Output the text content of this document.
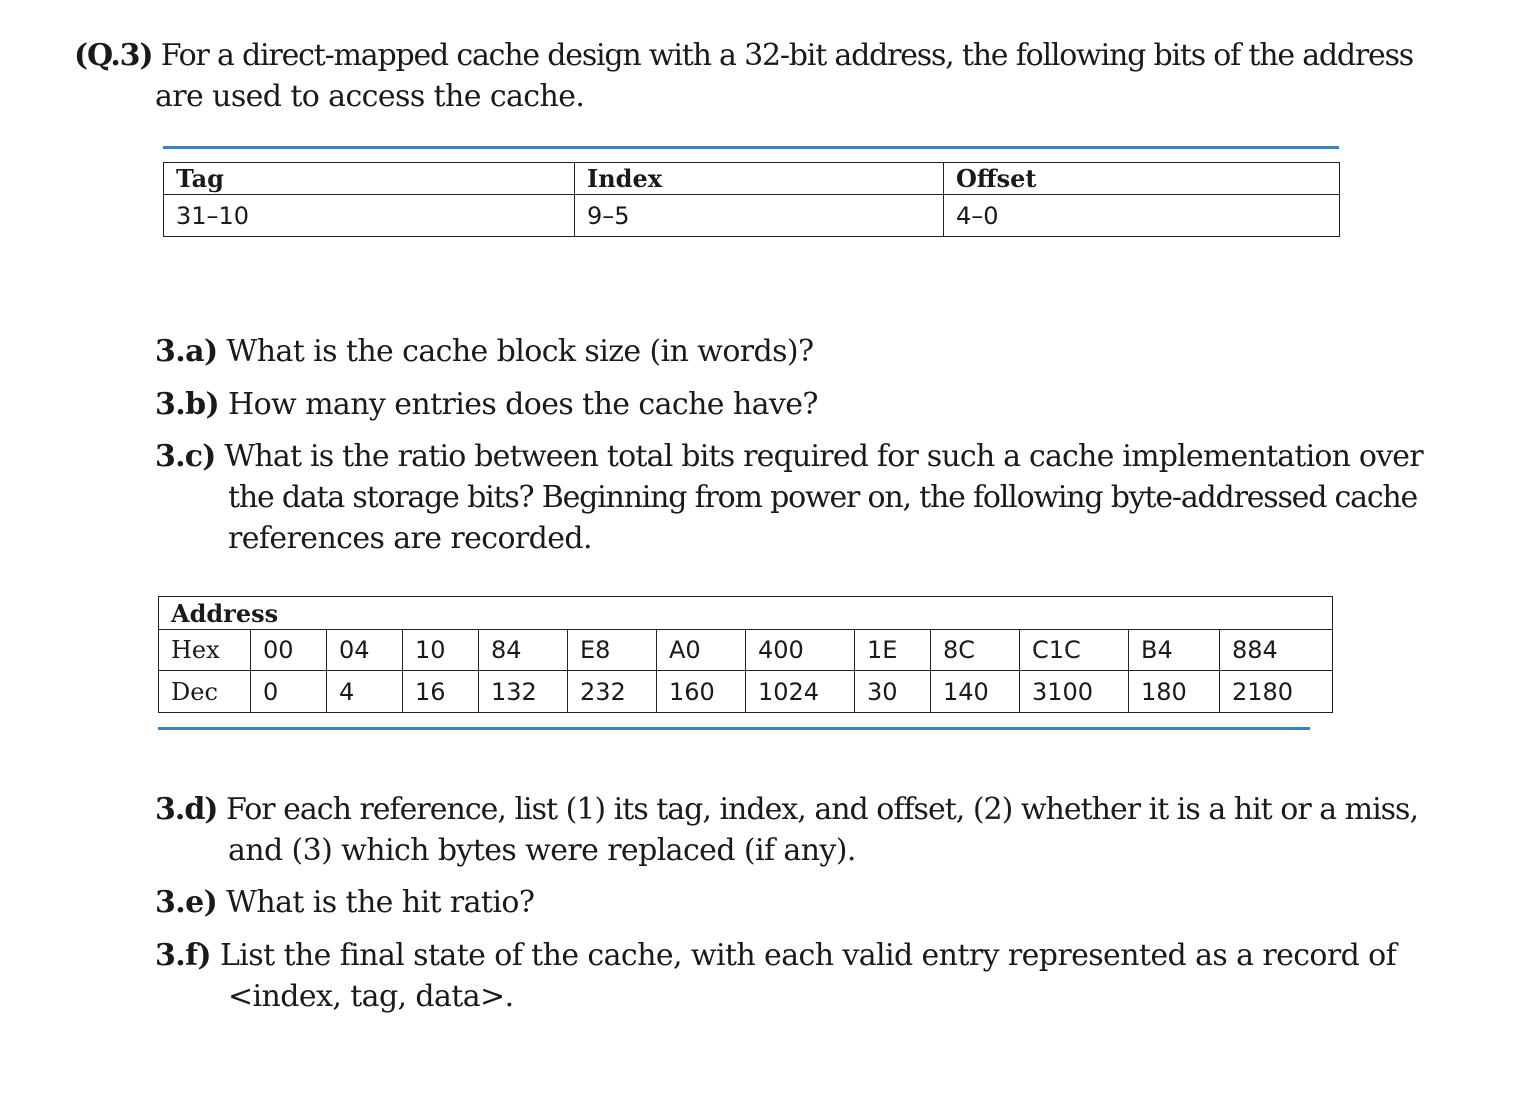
(Q.3) For a direct-mapped cache design with a 32-bit address, the following bits of the address
are used to access the cache.
Tag	Index	Offset
31–10	9–5	4–0
3.a) What is the cache block size (in words)?
3.b) How many entries does the cache have?
3.c) What is the ratio between total bits required for such a cache implementation over
the data storage bits? Beginning from power on, the following byte-addressed cache
references are recorded.
Address												
Hex	00	04	10	84	E8	A0	400	1E	8C	C1C	B4	884
Dec	0	4	16	132	232	160	1024	30	140	3100	180	2180
3.d) For each reference, list (1) its tag, index, and offset, (2) whether it is a hit or a miss,
and (3) which bytes were replaced (if any).
3.e) What is the hit ratio?
3.f) List the final state of the cache, with each valid entry represented as a record of
<index, tag, data>.
